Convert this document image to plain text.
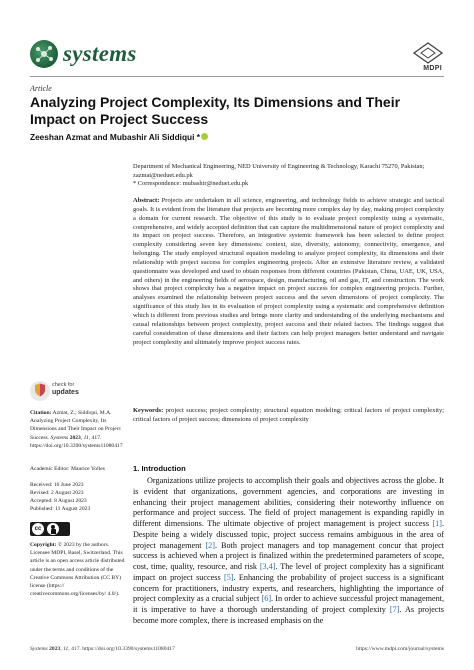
systems
MDPI
Article
Analyzing Project Complexity, Its Dimensions and Their Impact on Project Success
Zeeshan Azmat and Mubashir Ali Siddiqui *
Department of Mechanical Engineering, NED University of Engineering & Technology, Karachi 75270, Pakistan;
zazmat@neduet.edu.pk
* Correspondence: mubashir@neduet.edu.pk
Abstract: Projects are undertaken in all science, engineering, and technology fields to achieve strategic and tactical goals. It is evident from the literature that projects are becoming more complex day by day, making project complexity a domain for current research. The objective of this study is to evaluate project complexity using a systematic, comprehensive, and widely accepted definition that can capture the multidimensional nature of project complexity and its impact on project success. Therefore, an integrative systemic framework has been selected to define project complexity considering seven key dimensions: context, size, diversity, autonomy, connectivity, emergence, and belonging. The study employed structural equation modeling to analyze project complexity, its dimensions and their relationship with project success for complex engineering projects. After an extensive literature review, a validated questionnaire was developed and used to obtain responses from different countries (Pakistan, China, UAE, UK, USA, and others) in the engineering fields of aerospace, design, manufacturing, oil and gas, IT, and construction. The work shows that project complexity has a negative impact on project success for complex engineering projects. Further, analyses examined the relationship between project success and the seven dimensions of project complexity. The significance of this study lies in its evaluation of project complexity using a systematic and comprehensive definition which is different from previous studies and brings more clarity and understanding of the underlying mechanisms and causal relationships between project complexity, project success and their related factors. The findings suggest that careful consideration of these dimensions and their factors can help project managers better understand and navigate project complexity and ultimately improve project success rates.
Keywords: project success; project complexity; structural equation modeling; critical factors of project complexity; critical factors of project success; dimensions of project complexity
check for
updates
Citation: Azmat, Z.; Siddiqui, M.A. Analyzing Project Complexity, Its Dimensions and Their Impact on Project Success. Systems 2023, 11, 417. https://doi.org/10.3390/systems11080417
Academic Editor: Maurice Yolles
Received: 16 June 2023
Revised: 2 August 2023
Accepted: 8 August 2023
Published: 11 August 2023
cc
Copyright: © 2023 by the authors. Licensee MDPI, Basel, Switzerland. This article is an open access article distributed under the terms and conditions of the Creative Commons Attribution (CC BY) license (https:// creativecommons.org/licenses/by/ 4.0/).
1. Introduction
Organizations utilize projects to accomplish their goals and objectives across the globe. It is evident that organizations, government agencies, and corporations are investing in enhancing their project management abilities, considering their noteworthy influence on performance and project success. The field of project management is expanding rapidly in different dimensions. The ultimate objective of project management is project success [1]. Despite being a widely discussed topic, project success remains ambiguous in the area of project management [2]. Both project managers and top management concur that project success is achieved when a project is finalized within the predetermined parameters of scope, cost, time, quality, resource, and risk [3,4]. The level of project complexity has a significant impact on project success [5]. Enhancing the probability of project success is a significant concern for practitioners, industry experts, and researchers, highlighting the importance of project complexity as a crucial subject [6]. In order to achieve successful project management, it is imperative to have a thorough understanding of project complexity [7]. As projects become more complex, there is increased emphasis on the
Systems 2023, 11, 417. https://doi.org/10.3390/systems11080417	https://www.mdpi.com/journal/systems
